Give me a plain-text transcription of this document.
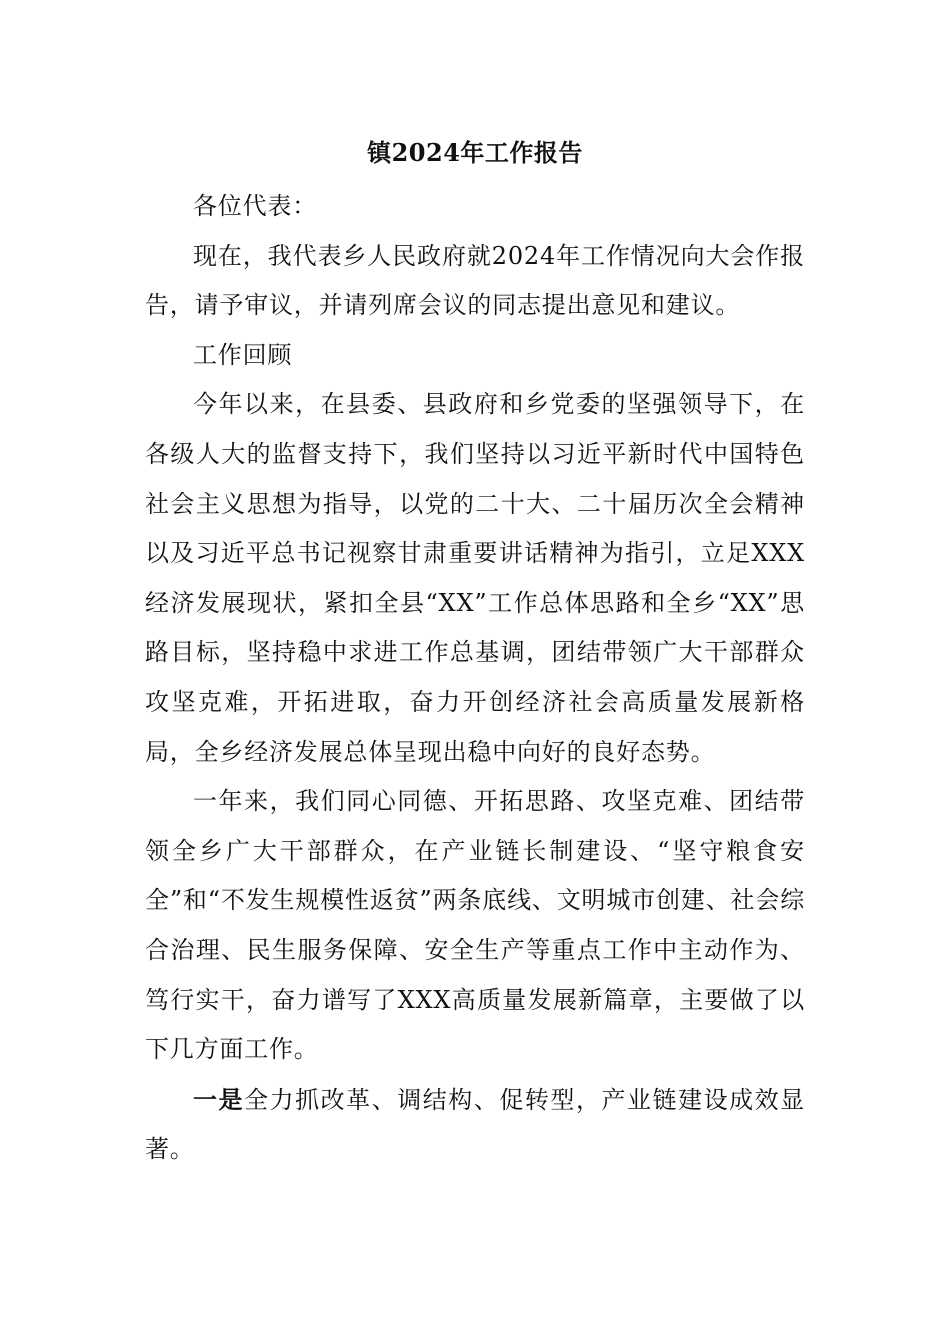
镇2024年工作报告

各位代表：

现在，我代表乡人民政府就2024年工作情况向大会作报告，请予审议，并请列席会议的同志提出意见和建议。

工作回顾

今年以来，在县委、县政府和乡党委的坚强领导下，在各级人大的监督支持下，我们坚持以习近平新时代中国特色社会主义思想为指导，以党的二十大、二十届历次全会精神以及习近平总书记视察甘肃重要讲话精神为指引，立足XXX经济发展现状，紧扣全县“XX”工作总体思路和全乡“XX”思路目标，坚持稳中求进工作总基调，团结带领广大干部群众攻坚克难，开拓进取，奋力开创经济社会高质量发展新格局，全乡经济发展总体呈现出稳中向好的良好态势。

一年来，我们同心同德、开拓思路、攻坚克难、团结带领全乡广大干部群众，在产业链长制建设、“坚守粮食安全”和“不发生规模性返贫”两条底线、文明城市创建、社会综合治理、民生服务保障、安全生产等重点工作中主动作为、笃行实干，奋力谱写了XXX高质量发展新篇章，主要做了以下几方面工作。

一是全力抓改革、调结构、促转型，产业链建设成效显著。
